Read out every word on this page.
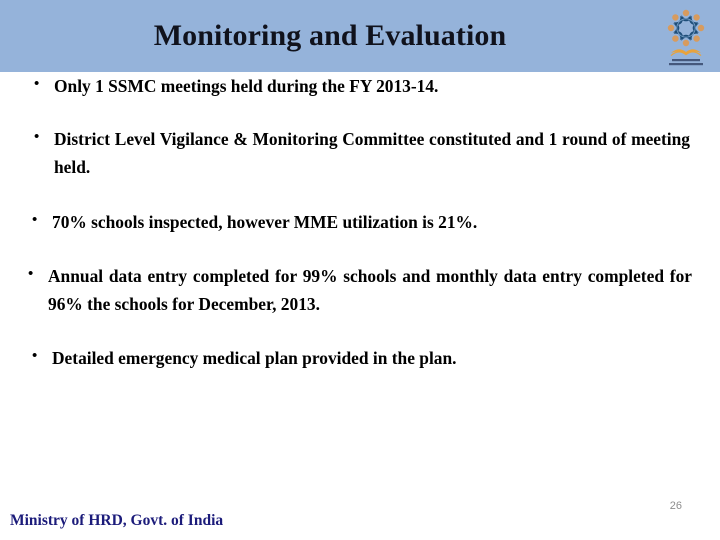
Monitoring and Evaluation
• Only 1 SSMC meetings held during the FY 2013-14.
• District Level Vigilance & Monitoring Committee constituted and 1 round of meeting held.
• 70% schools inspected, however MME utilization is 21%.
• Annual data entry completed for 99% schools and monthly data entry completed for 96% the schools for December, 2013.
• Detailed emergency medical plan provided in the plan.
Ministry of HRD, Govt. of India
26
